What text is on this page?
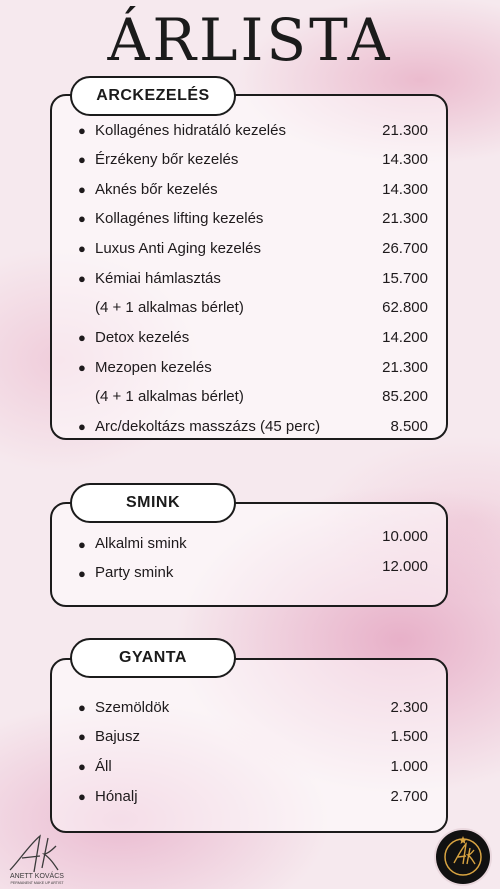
ÁRLISTA
ARCKEZELÉS
● Kollagénes hidratáló kezelés	21.300
● Érzékeny bőr kezelés	14.300
● Aknés bőr kezelés	14.300
● Kollagénes lifting kezelés	21.300
● Luxus Anti Aging kezelés	26.700
● Kémiai hámlasztás	15.700
(4 + 1 alkalmas bérlet)	62.800
● Detox kezelés	14.200
● Mezopen kezelés	21.300
(4 + 1 alkalmas bérlet)	85.200
● Arc/dekoltázs masszázs (45 perc)	8.500
SMINK
● Alkalmi smink	10.000
● Party smink	12.000
GYANTA
● Szemöldök	2.300
● Bajusz	1.500
● Áll	1.000
● Hónalj	2.700
ANETT KOVÁCS
PERMANENT MAKE UP ARTIST
